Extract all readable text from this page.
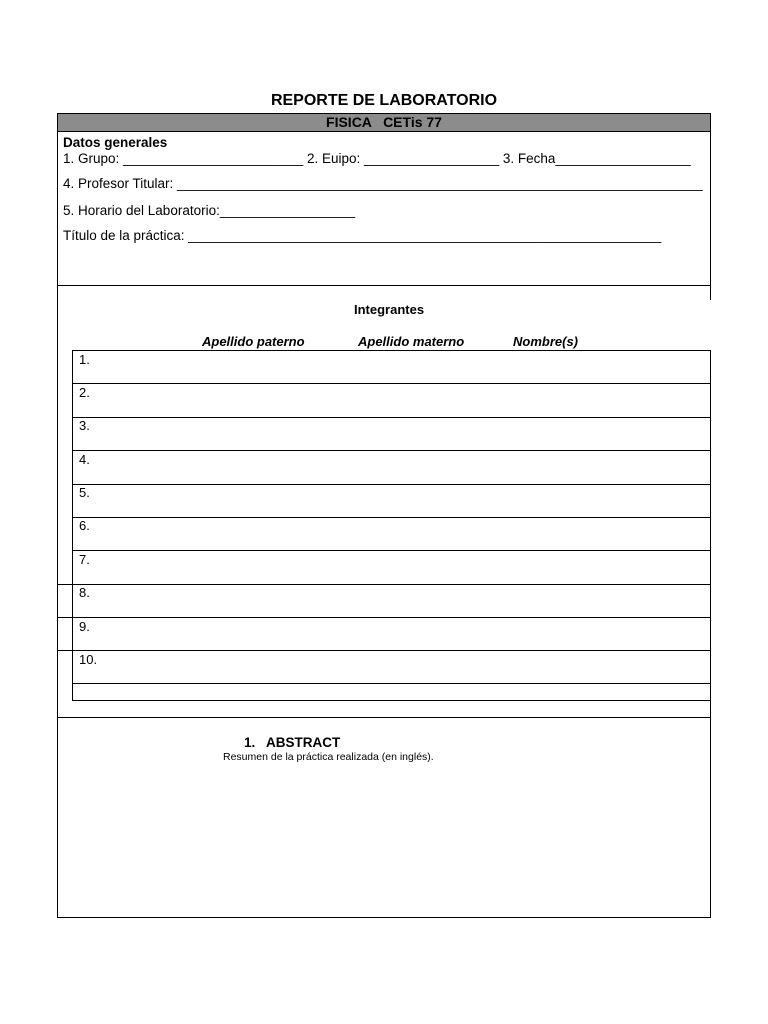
REPORTE DE LABORATORIO
FISICA   CETis 77
Datos generales
1. Grupo: ________________________ 2. Euipo: __________________ 3. Fecha__________________
4. Profesor Titular: ______________________________________________________________________
5. Horario del Laboratorio:__________________
Título de la práctica: _______________________________________________________________
Integrantes
Apellido paterno	Apellido materno	Nombre(s)
1.
2.
3.
4.
5.
6.
7.
8.
9.
10.
1.   ABSTRACT
Resumen de la práctica realizada (en inglés).
